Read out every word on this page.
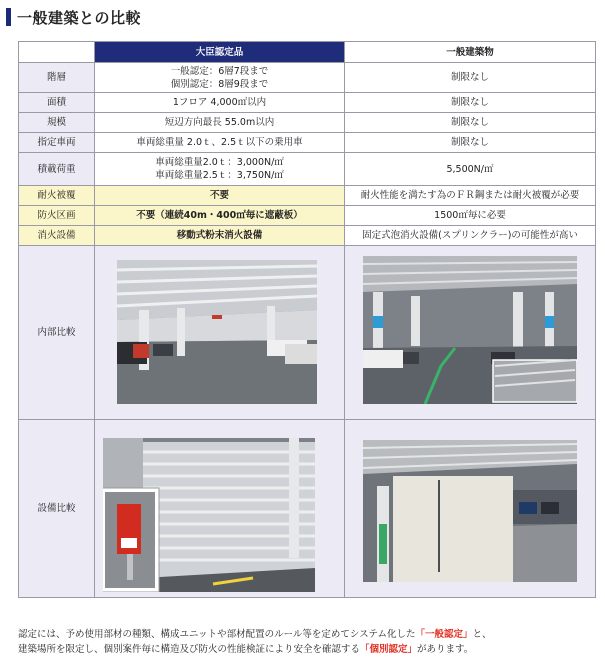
一般建築との比較
	大臣認定品	一般建築物
階層	一般認定：6層7段まで
個別認定：8層9段まで	制限なし
面積	1フロア 4,000㎡以内	制限なし
規模	短辺方向最長 55.0m以内	制限なし
指定車両	車両総重量 2.0ｔ、2.5ｔ以下の乗用車	制限なし
積載荷重	車両総重量2.0ｔ：3,000N/㎡
車両総重量2.5ｔ：3,750N/㎡	5,500N/㎡
耐火被覆	不要	耐火性能を満たす為のＦＲ鋼または耐火被覆が必要
防火区画	不要（連続40m・400㎡毎に遮蔽板）	1500㎡毎に必要
消火設備	移動式粉末消火設備	固定式泡消火設備(スプリンクラー)の可能性が高い
内部比較	

設備比較	

認定には、予め使用部材の種類、構成ユニットや部材配置のルール等を定めてシステム化した「一般認定」と、
建築場所を限定し、個別案件毎に構造及び防火の性能検証により安全を確認する「個別認定」があります。
